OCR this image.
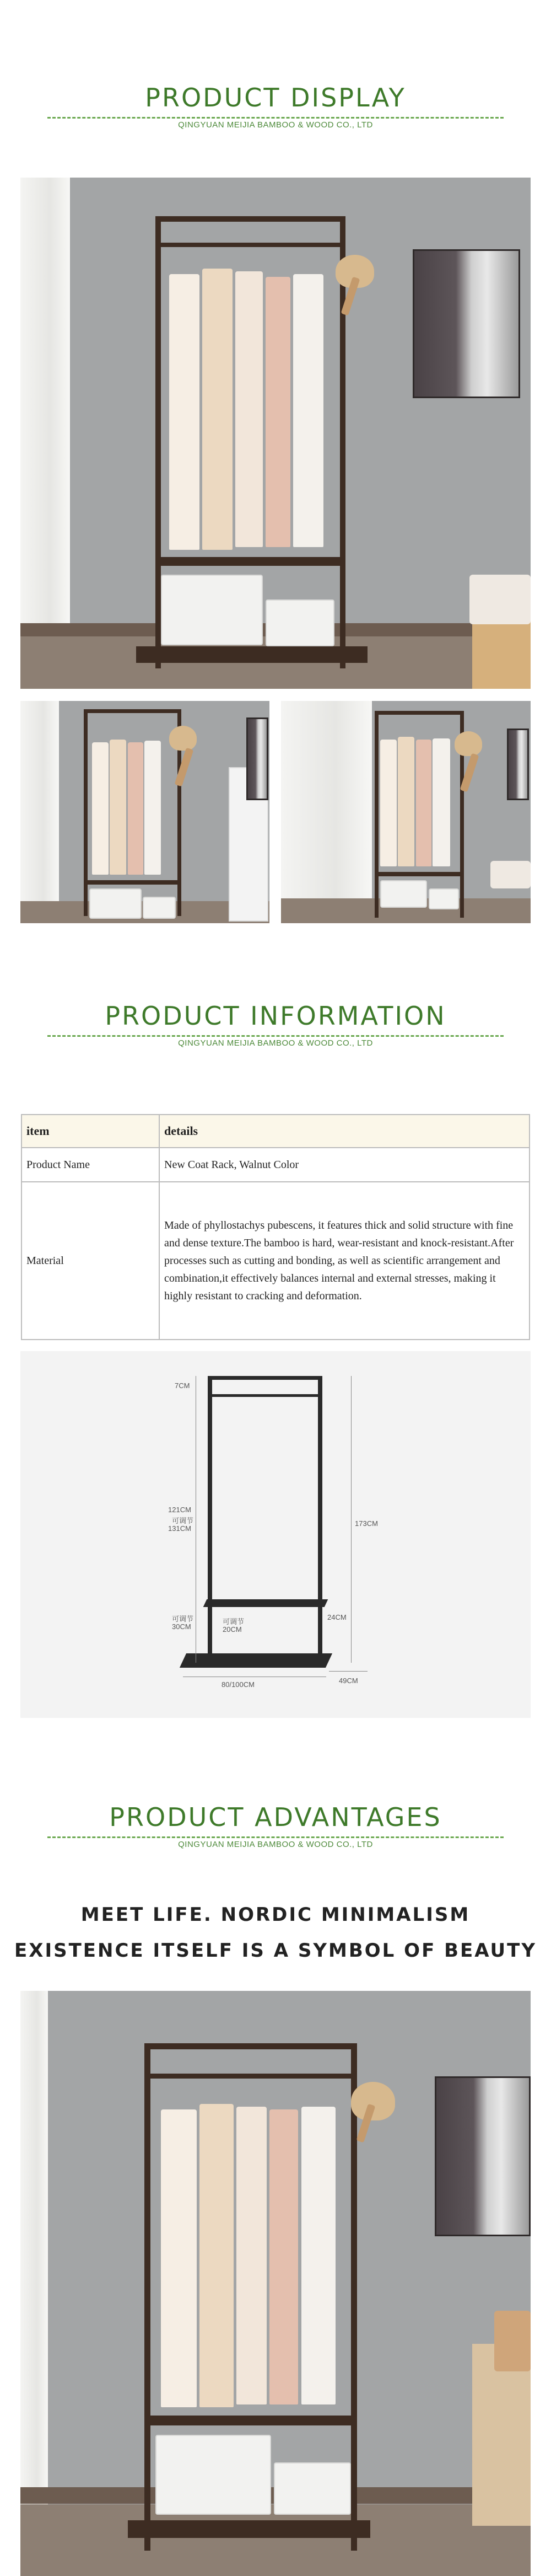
PRODUCT DISPLAY
QINGYUAN MEIJIA BAMBOO & WOOD CO., LTD
PRODUCT INFORMATION
QINGYUAN MEIJIA BAMBOO & WOOD CO., LTD
item	details
Product Name	New Coat Rack, Walnut Color
Material	Made of phyllostachys pubescens, it features thick and solid structure with fine and dense texture.The bamboo is hard, wear-resistant and knock-resistant.After processes such as cutting and bonding, as well as scientific arrangement and combination,it effectively balances internal and external stresses, making it highly resistant to cracking and deformation.
7CM
121CM
可调节
131CM
可调节
30CM
可调节
20CM
173CM
24CM
80/100CM	49CM
PRODUCT ADVANTAGES
QINGYUAN MEIJIA BAMBOO & WOOD CO., LTD
MEET LIFE. NORDIC MINIMALISM
EXISTENCE ITSELF IS A SYMBOL OF BEAUTY
